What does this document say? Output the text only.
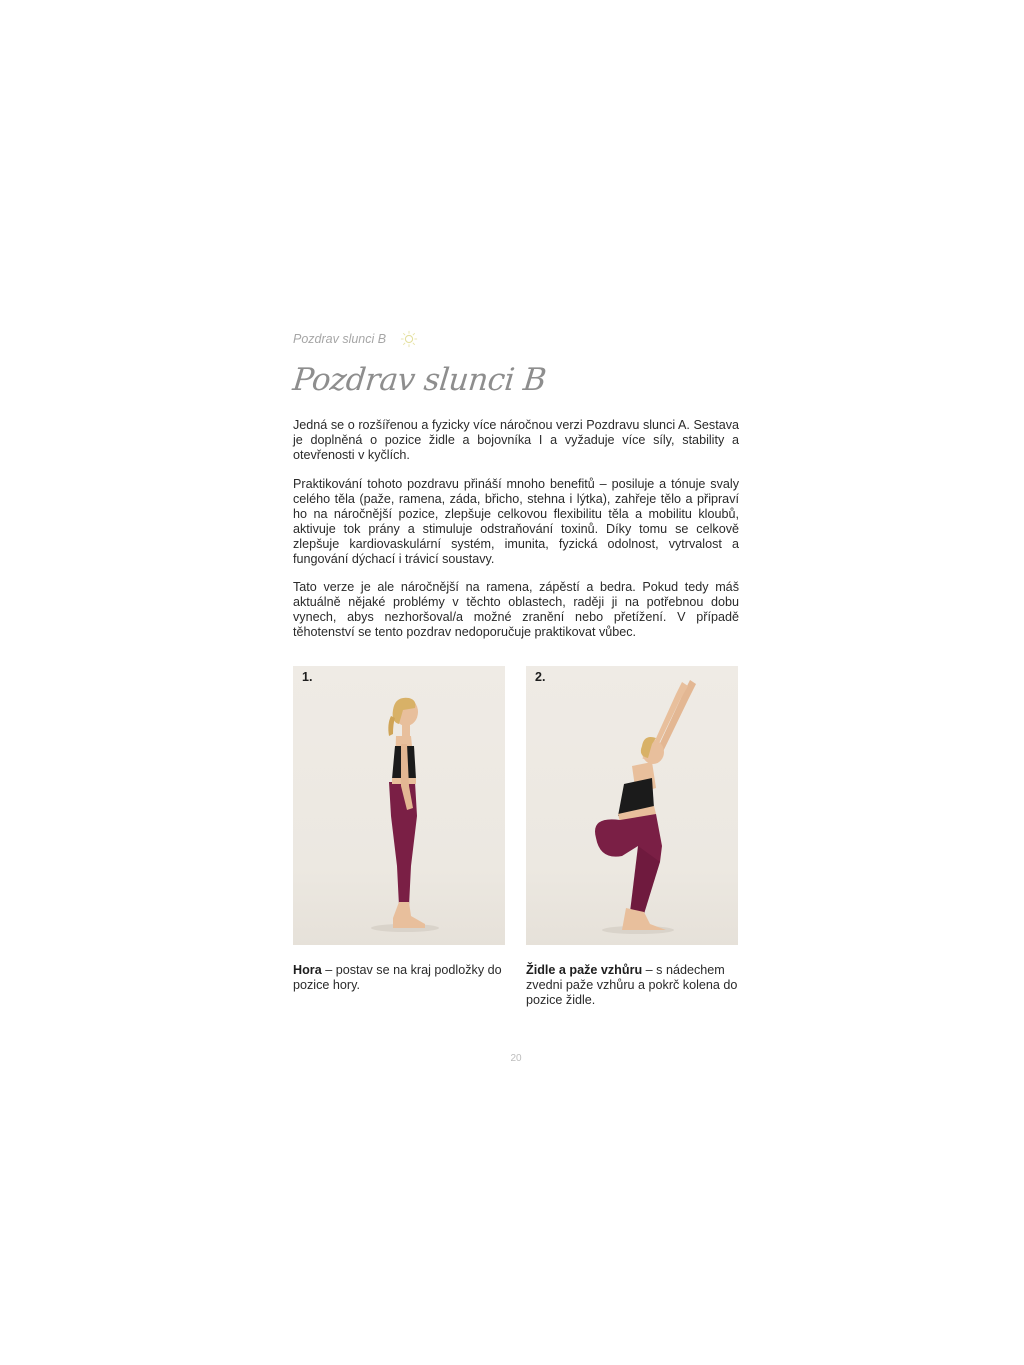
Pozdrav slunci B
Pozdrav slunci B

Jedná se o rozšířenou a fyzicky více náročnou verzi Pozdravu slunci A. Sestava je doplněná o pozice židle a bojovníka I a vyžaduje více síly, stability a otevřenosti v kyčlích.

Praktikování tohoto pozdravu přináší mnoho benefitů – posiluje a tónuje svaly celého těla (paže, ramena, záda, břicho, stehna i lýtka), zahřeje tělo a připraví ho na náročnější pozice, zlepšuje celkovou flexibilitu těla a mobilitu kloubů, aktivuje tok prány a stimuluje odstraňování toxinů. Díky tomu se celkově zlepšuje kardiovaskulární systém, imunita, fyzická odolnost, vytrvalost a fungování dýchací i trávicí soustavy.

Tato verze je ale náročnější na ramena, zápěstí a bedra. Pokud tedy máš aktuálně nějaké problémy v těchto oblastech, raději ji na potřebnou dobu vynech, abys nezhoršoval/a možné zranění nebo přetížení. V případě těhotenství se tento pozdrav nedoporučuje praktikovat vůbec.

1.	2.

Hora – postav se na kraj podložky do pozice hory.

Židle a paže vzhůru – s nádechem zvedni paže vzhůru a pokrč kolena do pozice židle.

20
